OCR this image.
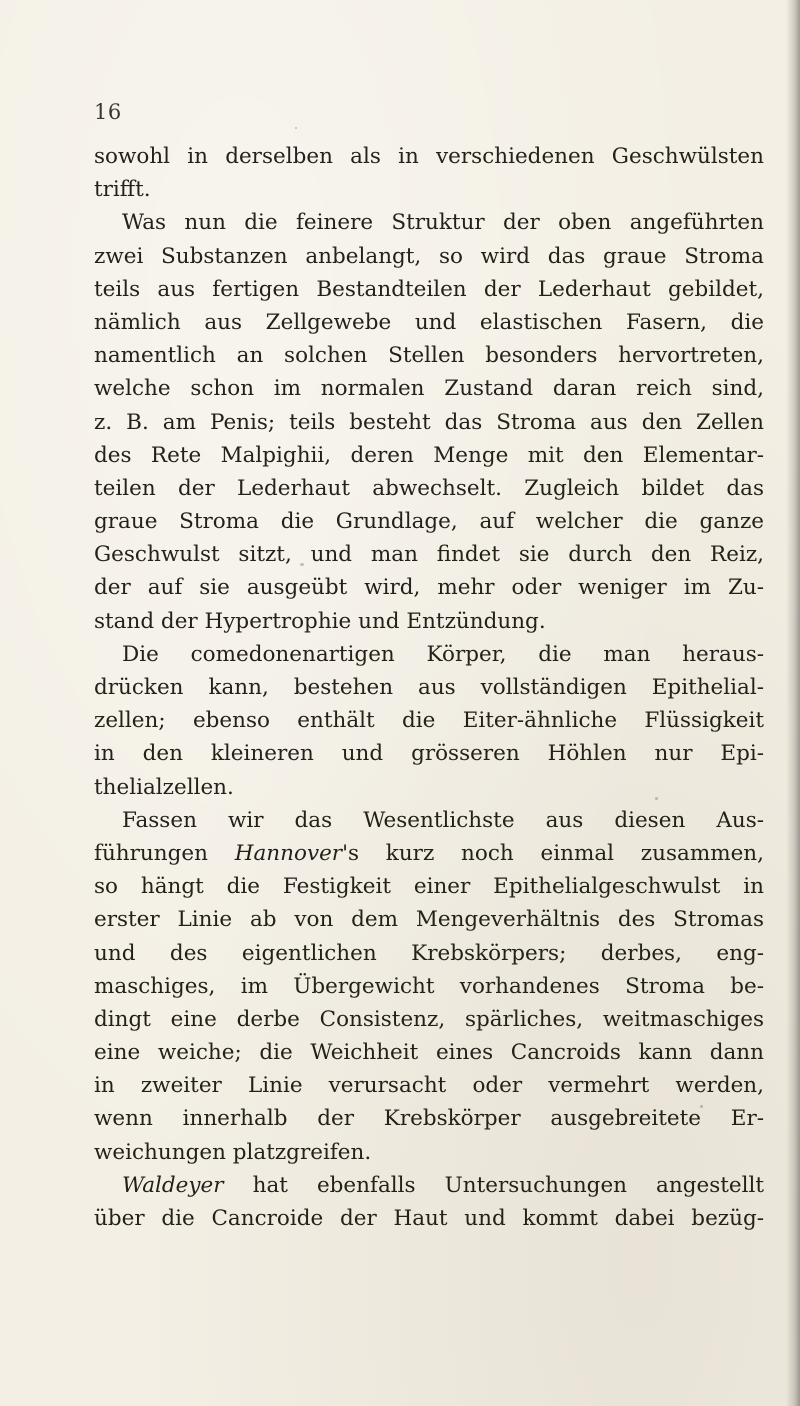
16
sowohl in derselben als in verschiedenen Geschwülsten
trifft.
Was nun die feinere Struktur der oben angeführten
zwei Substanzen anbelangt, so wird das graue Stroma
teils aus fertigen Bestandteilen der Lederhaut gebildet,
nämlich aus Zellgewebe und elastischen Fasern, die
namentlich an solchen Stellen besonders hervortreten,
welche schon im normalen Zustand daran reich sind,
z. B. am Penis; teils besteht das Stroma aus den Zellen
des Rete Malpighii, deren Menge mit den Elementar-
teilen der Lederhaut abwechselt. Zugleich bildet das
graue Stroma die Grundlage, auf welcher die ganze
Geschwulst sitzt, und man findet sie durch den Reiz,
der auf sie ausgeübt wird, mehr oder weniger im Zu-
stand der Hypertrophie und Entzündung.
Die comedonenartigen Körper, die man heraus-
drücken kann, bestehen aus vollständigen Epithelial-
zellen; ebenso enthält die Eiter-ähnliche Flüssigkeit
in den kleineren und grösseren Höhlen nur Epi-
thelialzellen.
Fassen wir das Wesentlichste aus diesen Aus-
führungen Hannover's kurz noch einmal zusammen,
so hängt die Festigkeit einer Epithelialgeschwulst in
erster Linie ab von dem Mengeverhältnis des Stromas
und des eigentlichen Krebskörpers; derbes, eng-
maschiges, im Übergewicht vorhandenes Stroma be-
dingt eine derbe Consistenz, spärliches, weitmaschiges
eine weiche; die Weichheit eines Cancroids kann dann
in zweiter Linie verursacht oder vermehrt werden,
wenn innerhalb der Krebskörper ausgebreitete Er-
weichungen platzgreifen.
Waldeyer hat ebenfalls Untersuchungen angestellt
über die Cancroide der Haut und kommt dabei bezüg-
